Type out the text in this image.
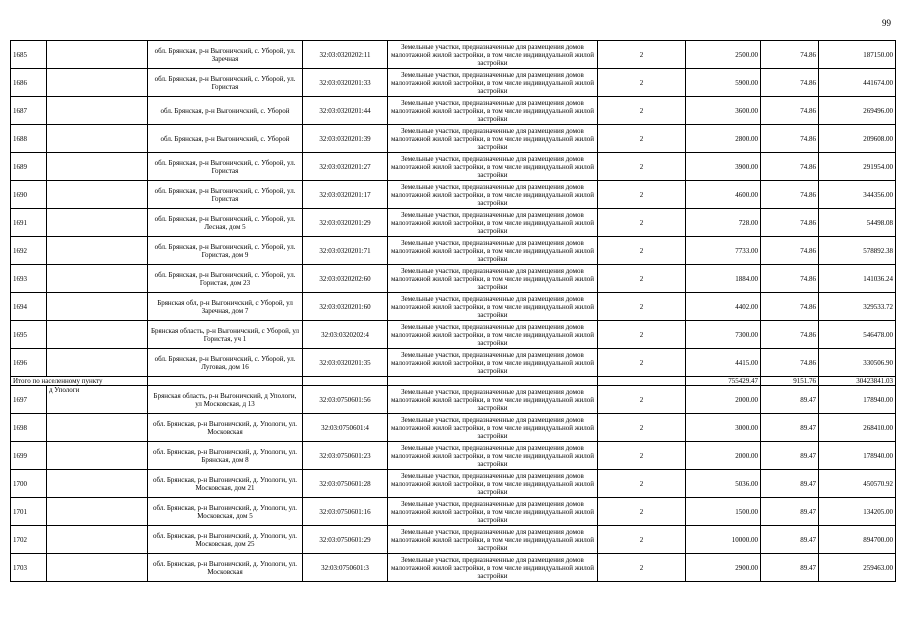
99
1685		обл. Брянская, р-н Выгоничский, с. Уборой, ул. Заречная	32:03:0320202:11	Земельные участки, предназначенные для размещения домов малоэтажной жилой застройки, в том числе индивидуальной жилой застройки	2	2500.00	74.86	187150.00
1686		обл. Брянская, р-н Выгоничский, с. Уборой, ул. Гористая	32:03:0320201:33	Земельные участки, предназначенные для размещения домов малоэтажной жилой застройки, в том числе индивидуальной жилой застройки	2	5900.00	74.86	441674.00
1687		обл. Брянская, р-н Выгоничский, с. Уборой	32:03:0320201:44	Земельные участки, предназначенные для размещения домов малоэтажной жилой застройки, в том числе индивидуальной жилой застройки	2	3600.00	74.86	269496.00
1688		обл. Брянская, р-н Выгоничский, с. Уборой	32:03:0320201:39	Земельные участки, предназначенные для размещения домов малоэтажной жилой застройки, в том числе индивидуальной жилой застройки	2	2800.00	74.86	209608.00
1689		обл. Брянская, р-н Выгоничский, с. Уборой, ул. Гористая	32:03:0320201:27	Земельные участки, предназначенные для размещения домов малоэтажной жилой застройки, в том числе индивидуальной жилой застройки	2	3900.00	74.86	291954.00
1690		обл. Брянская, р-н Выгоничский, с. Уборой, ул. Гористая	32:03:0320201:17	Земельные участки, предназначенные для размещения домов малоэтажной жилой застройки, в том числе индивидуальной жилой застройки	2	4600.00	74.86	344356.00
1691		обл. Брянская, р-н Выгоничский, с. Уборой, ул. Лесная, дом 5	32:03:0320201:29	Земельные участки, предназначенные для размещения домов малоэтажной жилой застройки, в том числе индивидуальной жилой застройки	2	728.00	74.86	54498.08
1692		обл. Брянская, р-н Выгоничский, с. Уборой, ул. Гористая, дом 9	32:03:0320201:71	Земельные участки, предназначенные для размещения домов малоэтажной жилой застройки, в том числе индивидуальной жилой застройки	2	7733.00	74.86	578892.38
1693		обл. Брянская, р-н Выгоничский, с. Уборой, ул. Гористая, дом 23	32:03:0320202:60	Земельные участки, предназначенные для размещения домов малоэтажной жилой застройки, в том числе индивидуальной жилой застройки	2	1884.00	74.86	141036.24
1694		Брянская обл, р-н Выгоничский, с Уборой, ул Заречная, дом 7	32:03:0320201:60	Земельные участки, предназначенные для размещения домов малоэтажной жилой застройки, в том числе индивидуальной жилой застройки	2	4402.00	74.86	329533.72
1695		Брянская область, р-н Выгоничский, с Уборой, ул Гористая, уч 1	32:03:0320202:4	Земельные участки, предназначенные для размещения домов малоэтажной жилой застройки, в том числе индивидуальной жилой застройки	2	7300.00	74.86	546478.00
1696		обл. Брянская, р-н Выгоничский, с. Уборой, ул. Луговая, дом 16	32:03:0320201:35	Земельные участки, предназначенные для размещения домов малоэтажной жилой застройки, в том числе индивидуальной жилой застройки	2	4415.00	74.86	330506.90
Итого по населенному пункту						755429.47	9151.76	30423841.03
1697	д Упологи	Брянская область, р-н Выгоничский, д Упологи, ул Московская, д 13	32:03:0750601:56	Земельные участки, предназначенные для размещения домов малоэтажной жилой застройки, в том числе индивидуальной жилой застройки	2	2000.00	89.47	178940.00
1698		обл. Брянская, р-н Выгоничский, д. Упологи, ул. Московская	32:03:0750601:4	Земельные участки, предназначенные для размещения домов малоэтажной жилой застройки, в том числе индивидуальной жилой застройки	2	3000.00	89.47	268410.00
1699		обл. Брянская, р-н Выгоничский, д. Упологи, ул. Брянская, дом 8	32:03:0750601:23	Земельные участки, предназначенные для размещения домов малоэтажной жилой застройки, в том числе индивидуальной жилой застройки	2	2000.00	89.47	178940.00
1700		обл. Брянская, р-н Выгоничский, д. Упологи, ул. Московская, дом 21	32:03:0750601:28	Земельные участки, предназначенные для размещения домов малоэтажной жилой застройки, в том числе индивидуальной жилой застройки	2	5036.00	89.47	450570.92
1701		обл. Брянская, р-н Выгоничский, д. Упологи, ул. Московская, дом 5	32:03:0750601:16	Земельные участки, предназначенные для размещения домов малоэтажной жилой застройки, в том числе индивидуальной жилой застройки	2	1500.00	89.47	134205.00
1702		обл. Брянская, р-н Выгоничский, д. Упологи, ул. Московская, дом 25	32:03:0750601:29	Земельные участки, предназначенные для размещения домов малоэтажной жилой застройки, в том числе индивидуальной жилой застройки	2	10000.00	89.47	894700.00
1703		обл. Брянская, р-н Выгоничский, д. Упологи, ул. Московская	32:03:0750601:3	Земельные участки, предназначенные для размещения домов малоэтажной жилой застройки, в том числе индивидуальной жилой застройки	2	2900.00	89.47	259463.00
